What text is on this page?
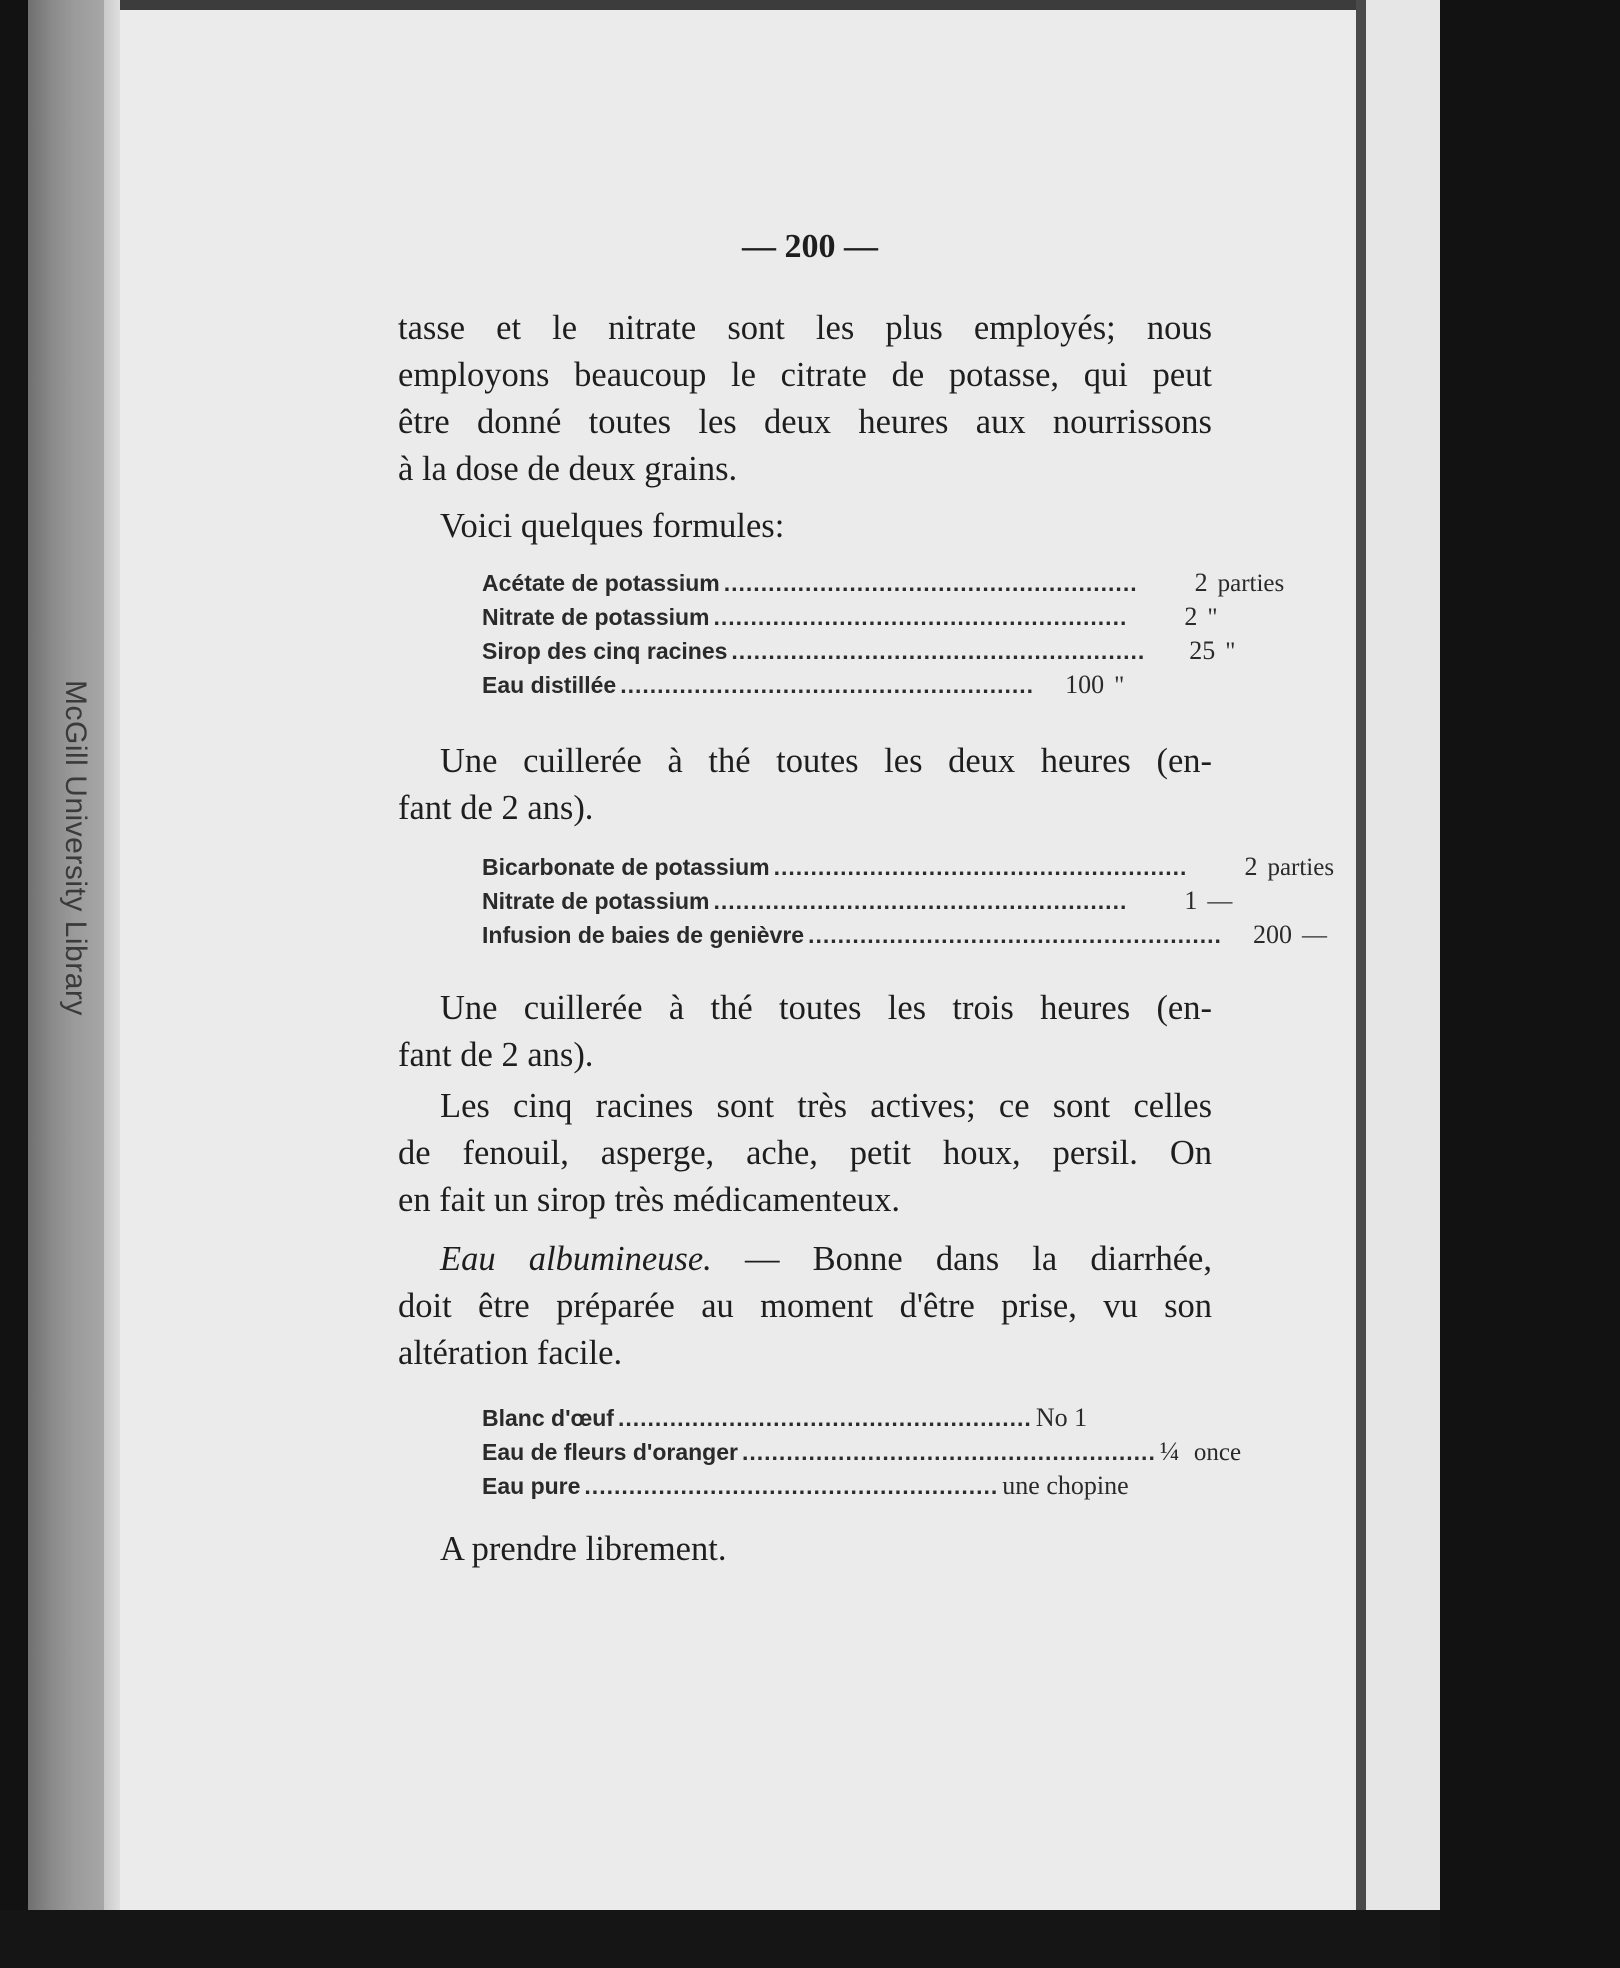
McGill University Library
— 200 —
tasse et le nitrate sont les plus employés; nous
employons beaucoup le citrate de potasse, qui peut
être donné toutes les deux heures aux nourrissons
à la dose de deux grains.
Voici quelques formules:
Acétate de potassium ........................................................	2 parties
Nitrate de potassium ........................................................	2 "
Sirop des cinq racines ........................................................	25 "
Eau distillée ........................................................	100 "
Une cuillerée à thé toutes les deux heures (en-
fant de 2 ans).
Bicarbonate de potassium ........................................................	2 parties
Nitrate de potassium ........................................................	1 —
Infusion de baies de genièvre ........................................................	200 —
Une cuillerée à thé toutes les trois heures (en-
fant de 2 ans).
Les cinq racines sont très actives; ce sont celles
de fenouil, asperge, ache, petit houx, persil. On
en fait un sirop très médicamenteux.
Eau albumineuse. — Bonne dans la diarrhée,
doit être préparée au moment d'être prise, vu son
altération facile.
Blanc d'œuf ........................................................ No 1
Eau de fleurs d'oranger ........................................................ ¼ once
Eau pure ........................................................ une chopine
A prendre librement.
